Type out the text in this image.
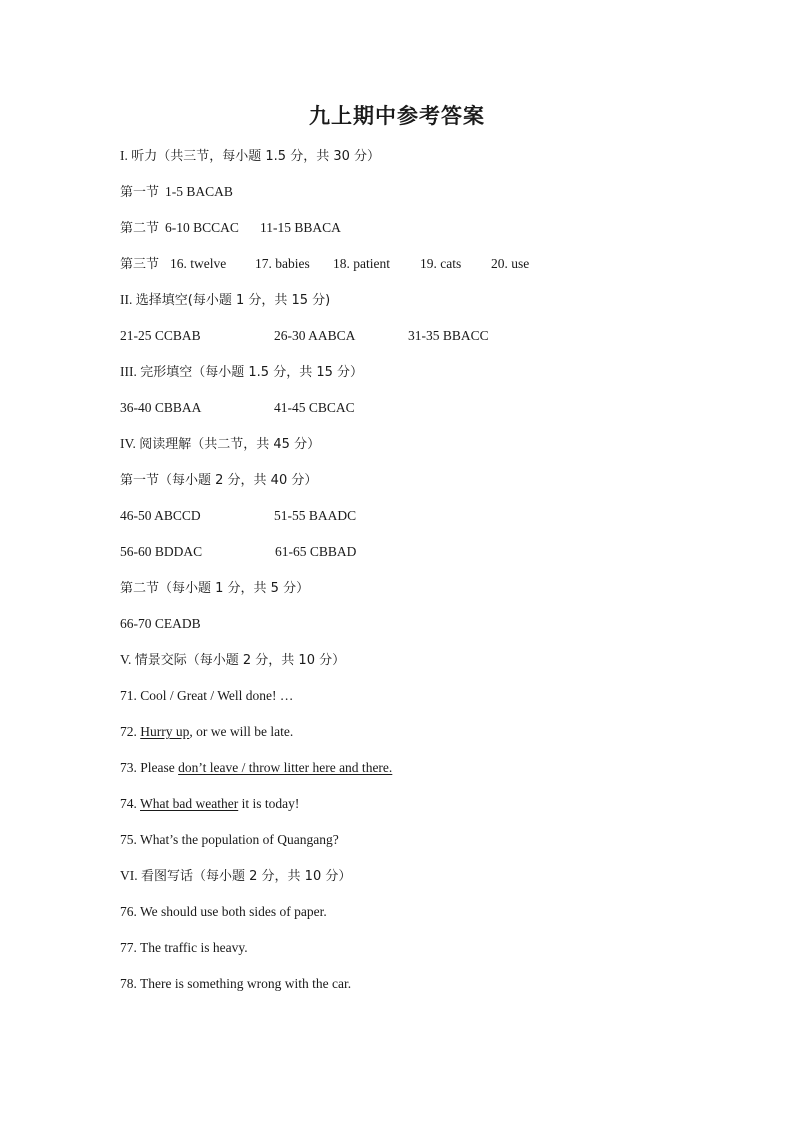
九上期中参考答案
I. 听力（共三节，每小题 1.5 分，共 30 分）
第一节 1-5 BACAB
第二节 6-10 BCCAC 11-15 BBACA
第三节 16. twelve 17. babies 18. patient 19. cats 20. use
II. 选择填空(每小题 1 分，共 15 分)
21-25 CCBAB	26-30 AABCA	31-35 BBACC
III. 完形填空（每小题 1.5 分，共 15 分）
36-40 CBBAA	41-45 CBCAC
IV. 阅读理解（共二节，共 45 分）
第一节（每小题 2 分，共 40 分）
46-50 ABCCD	51-55 BAADC
56-60 BDDAC	61-65 CBBAD
第二节（每小题 1 分，共 5 分）
66-70 CEADB
V. 情景交际（每小题 2 分，共 10 分）
71. Cool / Great / Well done! …
72. Hurry up, or we will be late.
73. Please don’t leave / throw litter here and there.
74. What bad weather it is today!
75. What’s the population of Quangang?
VI. 看图写话（每小题 2 分，共 10 分）
76. We should use both sides of paper.
77. The traffic is heavy.
78. There is something wrong with the car.
